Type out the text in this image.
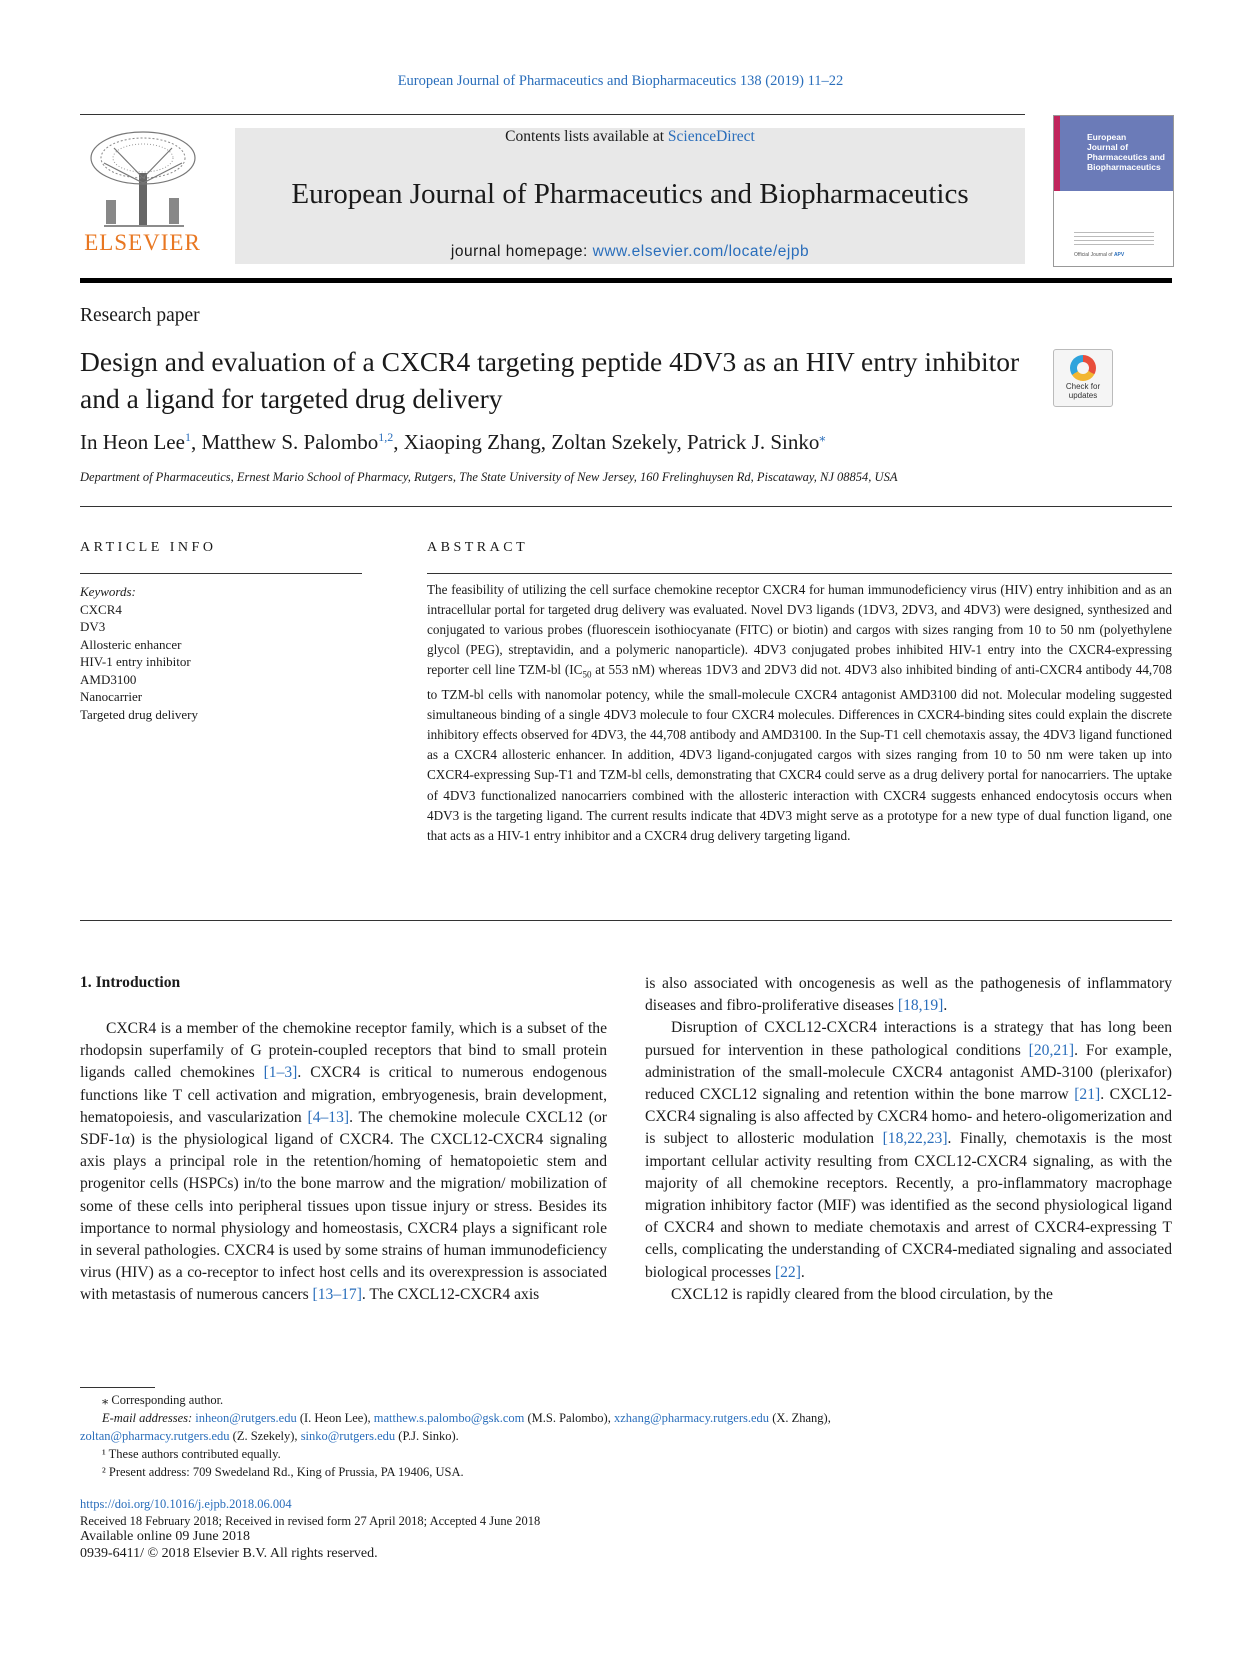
European Journal of Pharmaceutics and Biopharmaceutics 138 (2019) 11–22
ELSEVIER
Contents lists available at ScienceDirect
European Journal of Pharmaceutics and Biopharmaceutics
journal homepage: www.elsevier.com/locate/ejpb
European
Journal of
Pharmaceutics and
Biopharmaceutics
Official Journal of APV
Research paper
Design and evaluation of a CXCR4 targeting peptide 4DV3 as an HIV entry inhibitor and a ligand for targeted drug delivery	Check for
updates
In Heon Lee$^1$, Matthew S. Palombo$^{1,2}$, Xiaoping Zhang, Zoltan Szekely, Patrick J. Sinko⁎
Department of Pharmaceutics, Ernest Mario School of Pharmacy, Rutgers, The State University of New Jersey, 160 Frelinghuysen Rd, Piscataway, NJ 08854, USA
ARTICLE INFO
Keywords:
CXCR4
DV3
Allosteric enhancer
HIV-1 entry inhibitor
AMD3100
Nanocarrier
Targeted drug delivery
ABSTRACT
The feasibility of utilizing the cell surface chemokine receptor CXCR4 for human immunodeficiency virus (HIV) entry inhibition and as an intracellular portal for targeted drug delivery was evaluated. Novel DV3 ligands (1DV3, 2DV3, and 4DV3) were designed, synthesized and conjugated to various probes (fluorescein isothiocyanate (FITC) or biotin) and cargos with sizes ranging from 10 to 50 nm (polyethylene glycol (PEG), streptavidin, and a polymeric nanoparticle). 4DV3 conjugated probes inhibited HIV-1 entry into the CXCR4-expressing reporter cell line TZM-bl ($IC_{50}$ at 553 nM) whereas 1DV3 and 2DV3 did not. 4DV3 also inhibited binding of anti-CXCR4 antibody 44,708 to TZM-bl cells with nanomolar potency, while the small-molecule CXCR4 antagonist AMD3100 did not. Molecular modeling suggested simultaneous binding of a single 4DV3 molecule to four CXCR4 molecules. Differences in CXCR4-binding sites could explain the discrete inhibitory effects observed for 4DV3, the 44,708 antibody and AMD3100. In the Sup-T1 cell chemotaxis assay, the 4DV3 ligand functioned as a CXCR4 allosteric enhancer. In addition, 4DV3 ligand-conjugated cargos with sizes ranging from 10 to 50 nm were taken up into CXCR4-expressing Sup-T1 and TZM-bl cells, demonstrating that CXCR4 could serve as a drug delivery portal for nanocarriers. The uptake of 4DV3 functionalized nanocarriers combined with the allosteric interaction with CXCR4 suggests enhanced endocytosis occurs when 4DV3 is the targeting ligand. The current results indicate that 4DV3 might serve as a prototype for a new type of dual function ligand, one that acts as a HIV-1 entry inhibitor and a CXCR4 drug delivery targeting ligand.
1. Introduction

CXCR4 is a member of the chemokine receptor family, which is a subset of the rhodopsin superfamily of G protein-coupled receptors that bind to small protein ligands called chemokines [1–3]. CXCR4 is critical to numerous endogenous functions like T cell activation and migration, embryogenesis, brain development, hematopoiesis, and vascularization [4–13]. The chemokine molecule CXCL12 (or SDF-1α) is the physiological ligand of CXCR4. The CXCL12-CXCR4 signaling axis plays a principal role in the retention/homing of hematopoietic stem and progenitor cells (HSPCs) in/to the bone marrow and the migration/ mobilization of some of these cells into peripheral tissues upon tissue injury or stress. Besides its importance to normal physiology and homeostasis, CXCR4 plays a significant role in several pathologies. CXCR4 is used by some strains of human immunodeficiency virus (HIV) as a co-receptor to infect host cells and its overexpression is associated with metastasis of numerous cancers [13–17]. The CXCL12-CXCR4 axis

is also associated with oncogenesis as well as the pathogenesis of inflammatory diseases and fibro-proliferative diseases [18,19].

Disruption of CXCL12-CXCR4 interactions is a strategy that has long been pursued for intervention in these pathological conditions [20,21]. For example, administration of the small-molecule CXCR4 antagonist AMD-3100 (plerixafor) reduced CXCL12 signaling and retention within the bone marrow [21]. CXCL12-CXCR4 signaling is also affected by CXCR4 homo- and hetero-oligomerization and is subject to allosteric modulation [18,22,23]. Finally, chemotaxis is the most important cellular activity resulting from CXCL12-CXCR4 signaling, as with the majority of all chemokine receptors. Recently, a pro-inflammatory macrophage migration inhibitory factor (MIF) was identified as the second physiological ligand of CXCR4 and shown to mediate chemotaxis and arrest of CXCR4-expressing T cells, complicating the understanding of CXCR4-mediated signaling and associated biological processes [22].

CXCL12 is rapidly cleared from the blood circulation, by the

⁎ Corresponding author.
E-mail addresses: inheon@rutgers.edu (I. Heon Lee), matthew.s.palombo@gsk.com (M.S. Palombo), xzhang@pharmacy.rutgers.edu (X. Zhang),
zoltan@pharmacy.rutgers.edu (Z. Szekely), sinko@rutgers.edu (P.J. Sinko).
¹ These authors contributed equally.
² Present address: 709 Swedeland Rd., King of Prussia, PA 19406, USA.
https://doi.org/10.1016/j.ejpb.2018.06.004
Received 18 February 2018; Received in revised form 27 April 2018; Accepted 4 June 2018
Available online 09 June 2018
0939-6411/ © 2018 Elsevier B.V. All rights reserved.
